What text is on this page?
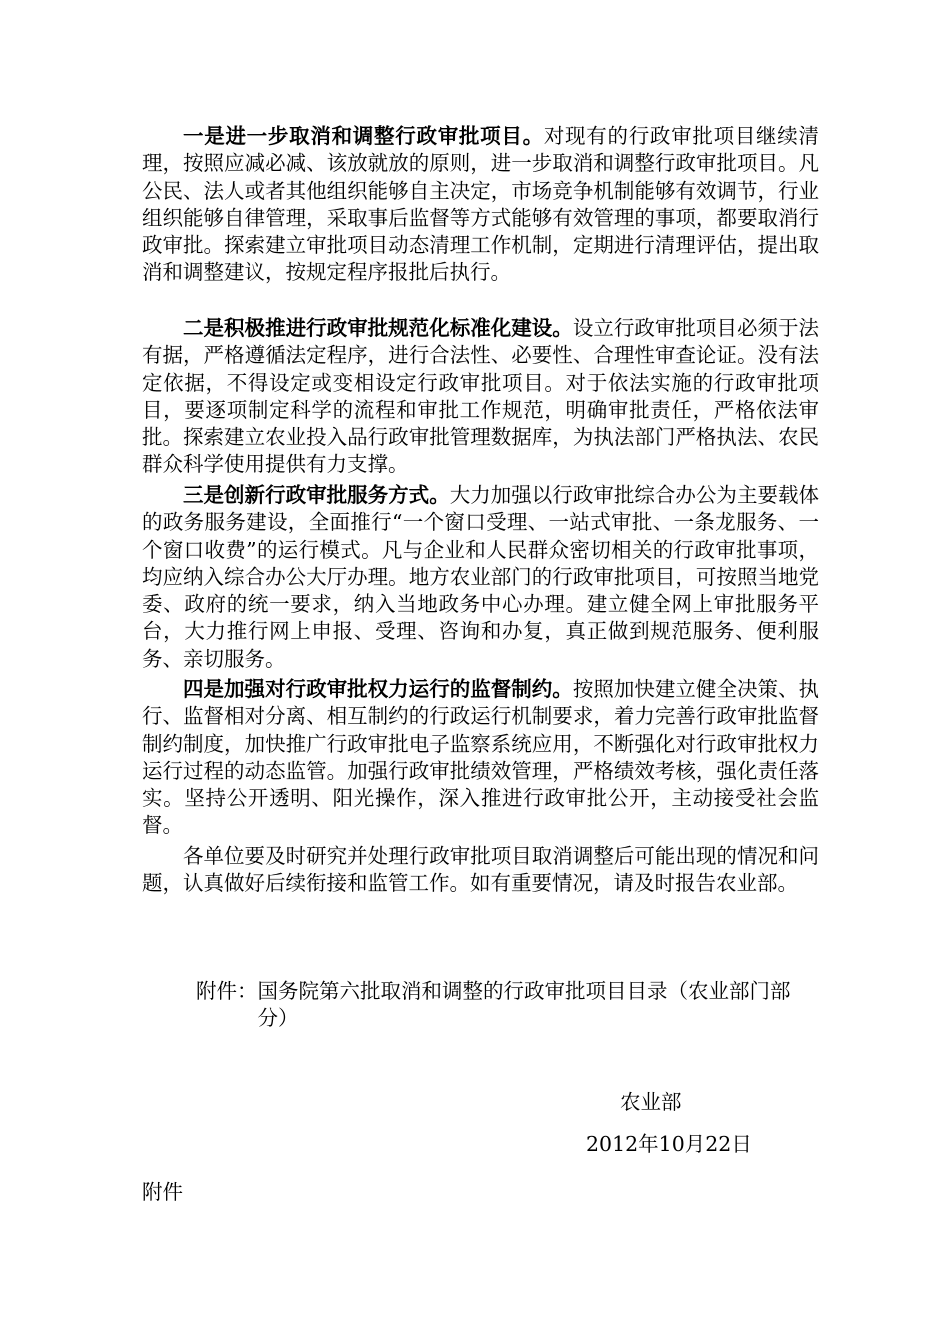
一是进一步取消和调整行政审批项目。对现有的行政审批项目继续清理，按照应减必减、该放就放的原则，进一步取消和调整行政审批项目。凡公民、法人或者其他组织能够自主决定，市场竞争机制能够有效调节，行业组织能够自律管理，采取事后监督等方式能够有效管理的事项，都要取消行政审批。探索建立审批项目动态清理工作机制，定期进行清理评估，提出取消和调整建议，按规定程序报批后执行。

二是积极推进行政审批规范化标准化建设。设立行政审批项目必须于法有据，严格遵循法定程序，进行合法性、必要性、合理性审查论证。没有法定依据，不得设定或变相设定行政审批项目。对于依法实施的行政审批项目，要逐项制定科学的流程和审批工作规范，明确审批责任，严格依法审批。探索建立农业投入品行政审批管理数据库，为执法部门严格执法、农民群众科学使用提供有力支撑。

三是创新行政审批服务方式。大力加强以行政审批综合办公为主要载体的政务服务建设，全面推行“一个窗口受理、一站式审批、一条龙服务、一个窗口收费”的运行模式。凡与企业和人民群众密切相关的行政审批事项，均应纳入综合办公大厅办理。地方农业部门的行政审批项目，可按照当地党委、政府的统一要求，纳入当地政务中心办理。建立健全网上审批服务平台，大力推行网上申报、受理、咨询和办复，真正做到规范服务、便利服务、亲切服务。

四是加强对行政审批权力运行的监督制约。按照加快建立健全决策、执行、监督相对分离、相互制约的行政运行机制要求，着力完善行政审批监督制约制度，加快推广行政审批电子监察系统应用，不断强化对行政审批权力运行过程的动态监管。加强行政审批绩效管理，严格绩效考核，强化责任落实。坚持公开透明、阳光操作，深入推进行政审批公开，主动接受社会监督。

各单位要及时研究并处理行政审批项目取消调整后可能出现的情况和问题，认真做好后续衔接和监管工作。如有重要情况，请及时报告农业部。

附件： 国务院第六批取消和调整的行政审批项目目录（农业部门部分）
农业部
2012年10月22日
附件
